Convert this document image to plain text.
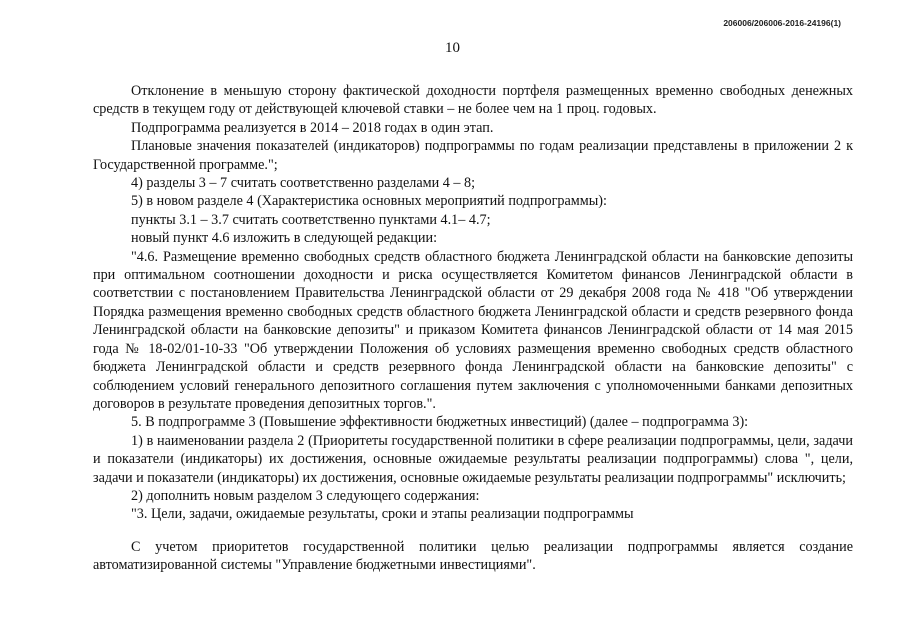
206006/206006-2016-24196(1)
10

Отклонение в меньшую сторону фактической доходности портфеля размещенных временно свободных денежных средств в текущем году от действующей ключевой ставки – не более чем на 1 проц. годовых.

Подпрограмма реализуется в 2014 – 2018 годах в один этап.

Плановые значения показателей (индикаторов) подпрограммы по годам реализации представлены в приложении 2 к Государственной программе.";

4) разделы 3 – 7 считать соответственно разделами 4 – 8;

5) в новом разделе 4 (Характеристика основных мероприятий подпрограммы):

пункты 3.1 – 3.7 считать соответственно пунктами 4.1– 4.7;

новый пункт 4.6 изложить в следующей редакции:

"4.6. Размещение временно свободных средств областного бюджета Ленинградской области на банковские депозиты при оптимальном соотношении доходности и риска осуществляется Комитетом финансов Ленинградской области в соответствии с постановлением Правительства Ленинградской области от 29 декабря 2008 года № 418 "Об утверждении Порядка размещения временно свободных средств областного бюджета Ленинградской области и средств резервного фонда Ленинградской области на банковские депозиты" и приказом Комитета финансов Ленинградской области от 14 мая 2015 года № 18-02/01-10-33 "Об утверждении Положения об условиях размещения временно свободных средств областного бюджета Ленинградской области и средств резервного фонда Ленинградской области на банковские депозиты" с соблюдением условий генерального депозитного соглашения путем заключения с уполномоченными банками депозитных договоров в результате проведения депозитных торгов.".

5. В подпрограмме 3 (Повышение эффективности бюджетных инвестиций) (далее – подпрограмма 3):

1) в наименовании раздела 2 (Приоритеты государственной политики в сфере реализации подпрограммы, цели, задачи и показатели (индикаторы) их достижения, основные ожидаемые результаты реализации подпрограммы) слова ", цели, задачи и показатели (индикаторы) их достижения, основные ожидаемые результаты реализации подпрограммы" исключить;

2) дополнить новым разделом 3 следующего содержания:

"3. Цели, задачи, ожидаемые результаты, сроки и этапы реализации подпрограммы

С учетом приоритетов государственной политики целью реализации подпрограммы является создание автоматизированной системы "Управление бюджетными инвестициями".
